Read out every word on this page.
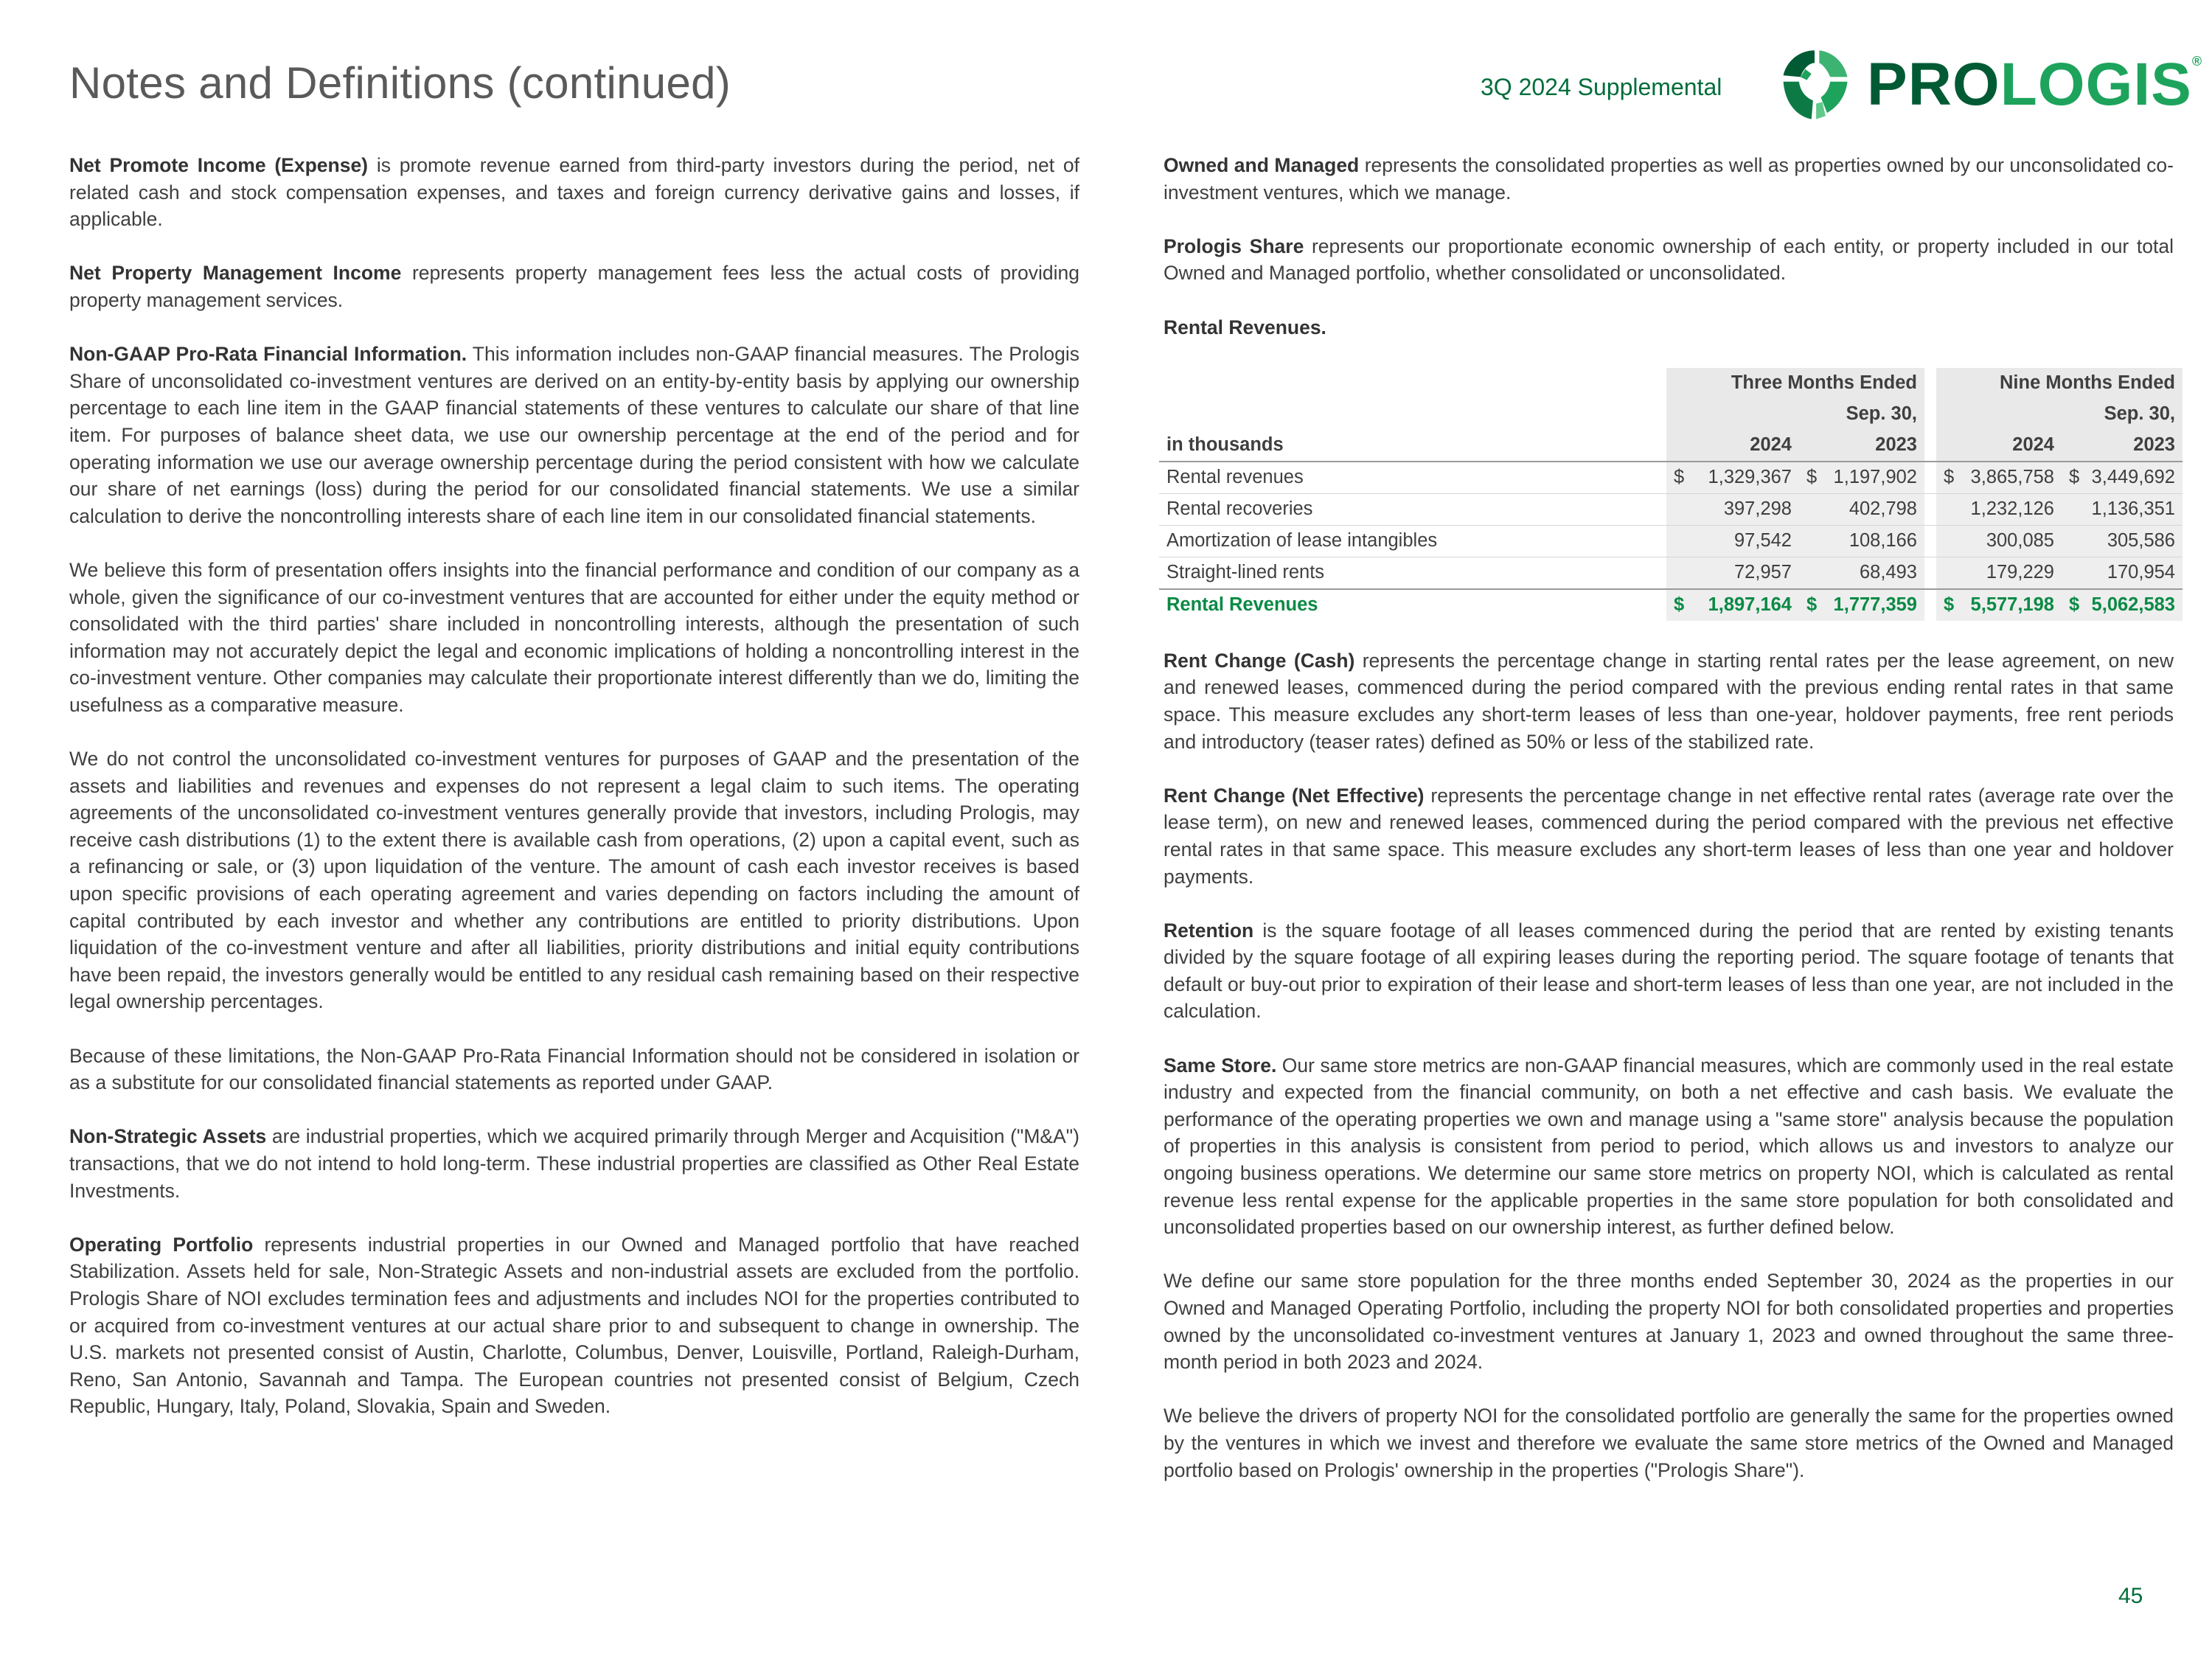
Notes and Definitions (continued)	3Q 2024 Supplemental PROLOGIS®

Net Promote Income (Expense) is promote revenue earned from third-party investors during the period, net of related cash and stock compensation expenses, and taxes and foreign currency derivative gains and losses, if applicable.

Net Property Management Income represents property management fees less the actual costs of providing property management services.

Non-GAAP Pro-Rata Financial Information. This information includes non-GAAP financial measures. The Prologis Share of unconsolidated co-investment ventures are derived on an entity-by-entity basis by applying our ownership percentage to each line item in the GAAP financial statements of these ventures to calculate our share of that line item. For purposes of balance sheet data, we use our ownership percentage at the end of the period and for operating information we use our average ownership percentage during the period consistent with how we calculate our share of net earnings (loss) during the period for our consolidated financial statements. We use a similar calculation to derive the noncontrolling interests share of each line item in our consolidated financial statements.

We believe this form of presentation offers insights into the financial performance and condition of our company as a whole, given the significance of our co-investment ventures that are accounted for either under the equity method or consolidated with the third parties' share included in noncontrolling interests, although the presentation of such information may not accurately depict the legal and economic implications of holding a noncontrolling interest in the co-investment venture. Other companies may calculate their proportionate interest differently than we do, limiting the usefulness as a comparative measure.

We do not control the unconsolidated co-investment ventures for purposes of GAAP and the presentation of the assets and liabilities and revenues and expenses do not represent a legal claim to such items. The operating agreements of the unconsolidated co-investment ventures generally provide that investors, including Prologis, may receive cash distributions (1) to the extent there is available cash from operations, (2) upon a capital event, such as a refinancing or sale, or (3) upon liquidation of the venture. The amount of cash each investor receives is based upon specific provisions of each operating agreement and varies depending on factors including the amount of capital contributed by each investor and whether any contributions are entitled to priority distributions. Upon liquidation of the co-investment venture and after all liabilities, priority distributions and initial equity contributions have been repaid, the investors generally would be entitled to any residual cash remaining based on their respective legal ownership percentages.

Because of these limitations, the Non-GAAP Pro-Rata Financial Information should not be considered in isolation or as a substitute for our consolidated financial statements as reported under GAAP.

Non-Strategic Assets are industrial properties, which we acquired primarily through Merger and Acquisition ("M&A") transactions, that we do not intend to hold long-term. These industrial properties are classified as Other Real Estate Investments.

Operating Portfolio represents industrial properties in our Owned and Managed portfolio that have reached Stabilization. Assets held for sale, Non-Strategic Assets and non-industrial assets are excluded from the portfolio. Prologis Share of NOI excludes termination fees and adjustments and includes NOI for the properties contributed to or acquired from co-investment ventures at our actual share prior to and subsequent to change in ownership. The U.S. markets not presented consist of Austin, Charlotte, Columbus, Denver, Louisville, Portland, Raleigh-Durham, Reno, San Antonio, Savannah and Tampa. The European countries not presented consist of Belgium, Czech Republic, Hungary, Italy, Poland, Slovakia, Spain and Sweden.

Owned and Managed represents the consolidated properties as well as properties owned by our unconsolidated co-investment ventures, which we manage.

Prologis Share represents our proportionate economic ownership of each entity, or property included in our total Owned and Managed portfolio, whether consolidated or unconsolidated.

Rental Revenues.

	Three Months Ended			Nine Months Ended	
	Sep. 30,			Sep. 30,	
in thousands	2024	2023		2024	2023
Rental revenues	$ 1,329,367	$ 1,197,902		$ 3,865,758	$ 3,449,692
Rental recoveries	397,298	402,798		1,232,126	1,136,351
Amortization of lease intangibles	97,542	108,166		300,085	305,586
Straight-lined rents	72,957	68,493		179,229	170,954
Rental Revenues	$ 1,897,164	$ 1,777,359		$ 5,577,198	$ 5,062,583

Rent Change (Cash) represents the percentage change in starting rental rates per the lease agreement, on new and renewed leases, commenced during the period compared with the previous ending rental rates in that same space. This measure excludes any short-term leases of less than one-year, holdover payments, free rent periods and introductory (teaser rates) defined as 50% or less of the stabilized rate.

Rent Change (Net Effective) represents the percentage change in net effective rental rates (average rate over the lease term), on new and renewed leases, commenced during the period compared with the previous net effective rental rates in that same space. This measure excludes any short-term leases of less than one year and holdover payments.

Retention is the square footage of all leases commenced during the period that are rented by existing tenants divided by the square footage of all expiring leases during the reporting period. The square footage of tenants that default or buy-out prior to expiration of their lease and short-term leases of less than one year, are not included in the calculation.

Same Store. Our same store metrics are non-GAAP financial measures, which are commonly used in the real estate industry and expected from the financial community, on both a net effective and cash basis. We evaluate the performance of the operating properties we own and manage using a "same store" analysis because the population of properties in this analysis is consistent from period to period, which allows us and investors to analyze our ongoing business operations. We determine our same store metrics on property NOI, which is calculated as rental revenue less rental expense for the applicable properties in the same store population for both consolidated and unconsolidated properties based on our ownership interest, as further defined below.

We define our same store population for the three months ended September 30, 2024 as the properties in our Owned and Managed Operating Portfolio, including the property NOI for both consolidated properties and properties owned by the unconsolidated co-investment ventures at January 1, 2023 and owned throughout the same three-month period in both 2023 and 2024.

We believe the drivers of property NOI for the consolidated portfolio are generally the same for the properties owned by the ventures in which we invest and therefore we evaluate the same store metrics of the Owned and Managed portfolio based on Prologis' ownership in the properties ("Prologis Share").

45
